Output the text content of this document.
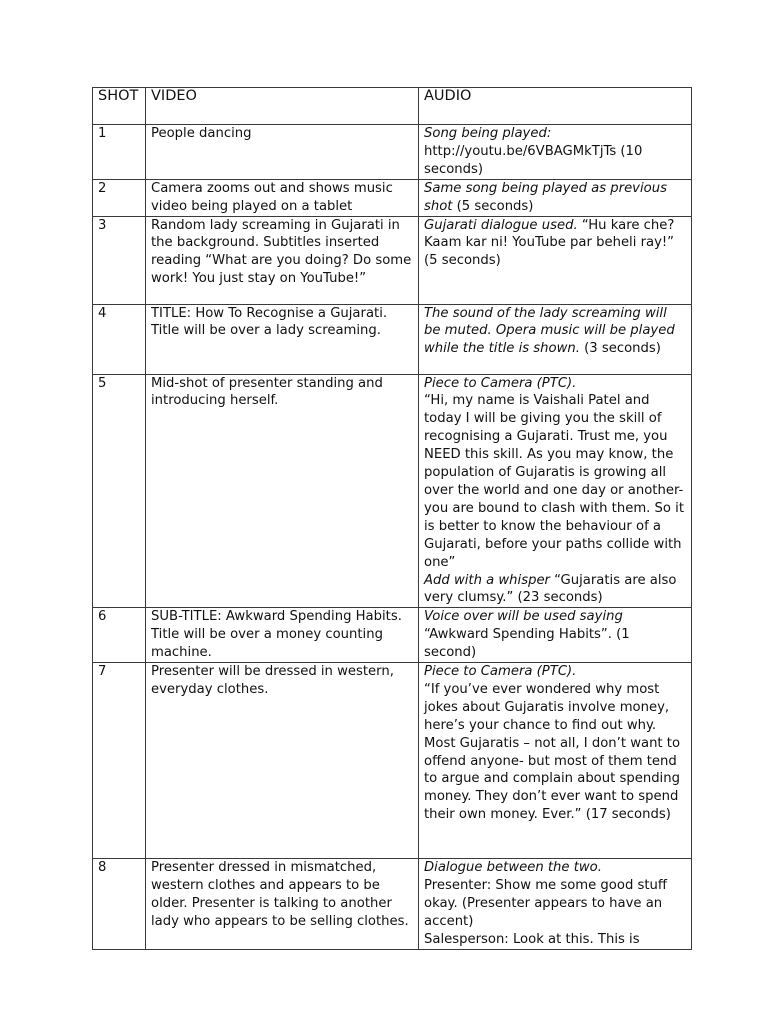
SHOT	VIDEO	AUDIO
1	People dancing	Song being played:
http://youtu.be/6VBAGMkTjTs (10 seconds)
2	Camera zooms out and shows music video being played on a tablet	Same song being played as previous shot (5 seconds)
3	Random lady screaming in Gujarati in the background. Subtitles inserted reading “What are you doing? Do some work! You just stay on YouTube!”	Gujarati dialogue used. “Hu kare che? Kaam kar ni! YouTube par beheli ray!” (5 seconds)
4	TITLE: How To Recognise a Gujarati. Title will be over a lady screaming.	The sound of the lady screaming will be muted. Opera music will be played while the title is shown. (3 seconds)
5	Mid-shot of presenter standing and introducing herself.	Piece to Camera (PTC).
“Hi, my name is Vaishali Patel and today I will be giving you the skill of recognising a Gujarati. Trust me, you NEED this skill. As you may know, the population of Gujaratis is growing all over the world and one day or another- you are bound to clash with them. So it is better to know the behaviour of a Gujarati, before your paths collide with one”
Add with a whisper “Gujaratis are also very clumsy.” (23 seconds)
6	SUB-TITLE: Awkward Spending Habits. Title will be over a money counting machine.	Voice over will be used saying
“Awkward Spending Habits”. (1 second)
7	Presenter will be dressed in western, everyday clothes.	Piece to Camera (PTC).
“If you’ve ever wondered why most jokes about Gujaratis involve money, here’s your chance to find out why. Most Gujaratis – not all, I don’t want to offend anyone- but most of them tend to argue and complain about spending money. They don’t ever want to spend their own money. Ever.” (17 seconds)
8	Presenter dressed in mismatched, western clothes and appears to be older. Presenter is talking to another lady who appears to be selling clothes.	Dialogue between the two.
Presenter: Show me some good stuff okay. (Presenter appears to have an accent)
Salesperson: Look at this. This is
